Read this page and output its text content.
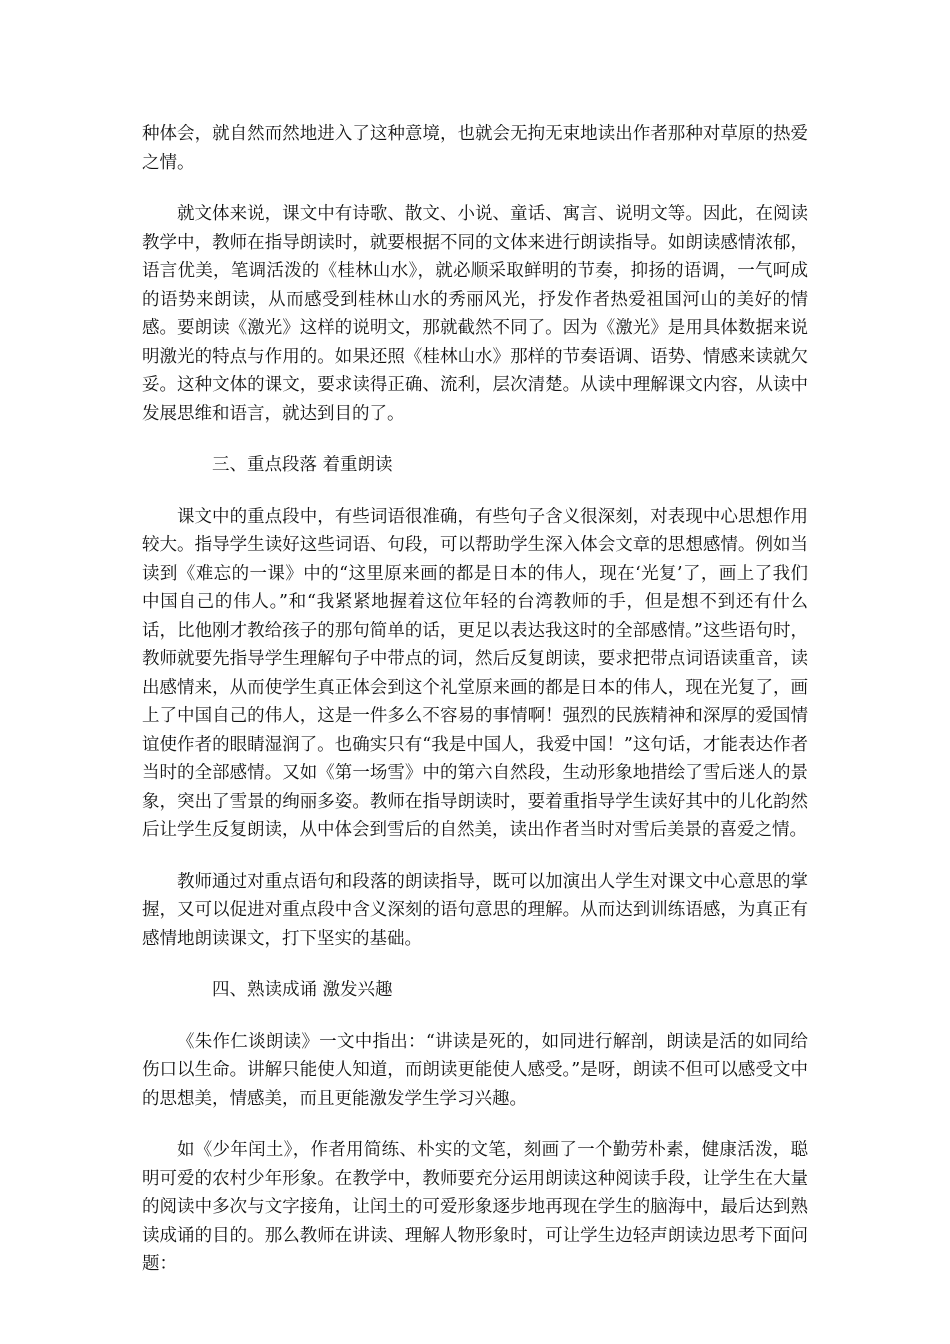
种体会，就自然而然地进入了这种意境，也就会无拘无束地读出作者那种对草原的热爱之情。

就文体来说，课文中有诗歌、散文、小说、童话、寓言、说明文等。因此，在阅读教学中，教师在指导朗读时，就要根据不同的文体来进行朗读指导。如朗读感情浓郁，语言优美，笔调活泼的《桂林山水》，就必顺采取鲜明的节奏，抑扬的语调，一气呵成的语势来朗读，从而感受到桂林山水的秀丽风光，抒发作者热爱祖国河山的美好的情感。要朗读《激光》这样的说明文，那就截然不同了。因为《激光》是用具体数据来说明激光的特点与作用的。如果还照《桂林山水》那样的节奏语调、语势、情感来读就欠妥。这种文体的课文，要求读得正确、流利，层次清楚。从读中理解课文内容，从读中发展思维和语言，就达到目的了。

三、重点段落 着重朗读

课文中的重点段中，有些词语很准确，有些句子含义很深刻，对表现中心思想作用较大。指导学生读好这些词语、句段，可以帮助学生深入体会文章的思想感情。例如当读到《难忘的一课》中的“这里原来画的都是日本的伟人，现在‘光复’了，画上了我们中国自己的伟人。”和“我紧紧地握着这位年轻的台湾教师的手，但是想不到还有什么话，比他刚才教给孩子的那句简单的话，更足以表达我这时的全部感情。”这些语句时，教师就要先指导学生理解句子中带点的词，然后反复朗读，要求把带点词语读重音，读出感情来，从而使学生真正体会到这个礼堂原来画的都是日本的伟人，现在光复了，画上了中国自己的伟人，这是一件多么不容易的事情啊！强烈的民族精神和深厚的爱国情谊使作者的眼睛湿润了。也确实只有“我是中国人，我爱中国！”这句话，才能表达作者当时的全部感情。又如《第一场雪》中的第六自然段，生动形象地措绘了雪后迷人的景象，突出了雪景的绚丽多姿。教师在指导朗读时，要着重指导学生读好其中的儿化韵然后让学生反复朗读，从中体会到雪后的自然美，读出作者当时对雪后美景的喜爱之情。

教师通过对重点语句和段落的朗读指导，既可以加演出人学生对课文中心意思的掌握，又可以促进对重点段中含义深刻的语句意思的理解。从而达到训练语感，为真正有感情地朗读课文，打下坚实的基础。

四、熟读成诵 激发兴趣

《朱作仁谈朗读》一文中指出：“讲读是死的，如同进行解剖，朗读是活的如同给伤口以生命。讲解只能使人知道，而朗读更能使人感受。”是呀，朗读不但可以感受文中的思想美，情感美，而且更能激发学生学习兴趣。

如《少年闰土》，作者用简练、朴实的文笔，刻画了一个勤劳朴素，健康活泼，聪明可爱的农村少年形象。在教学中，教师要充分运用朗读这种阅读手段，让学生在大量的阅读中多次与文字接角，让闰土的可爱形象逐步地再现在学生的脑海中，最后达到熟读成诵的目的。那么教师在讲读、理解人物形象时，可让学生边轻声朗读边思考下面问题：
